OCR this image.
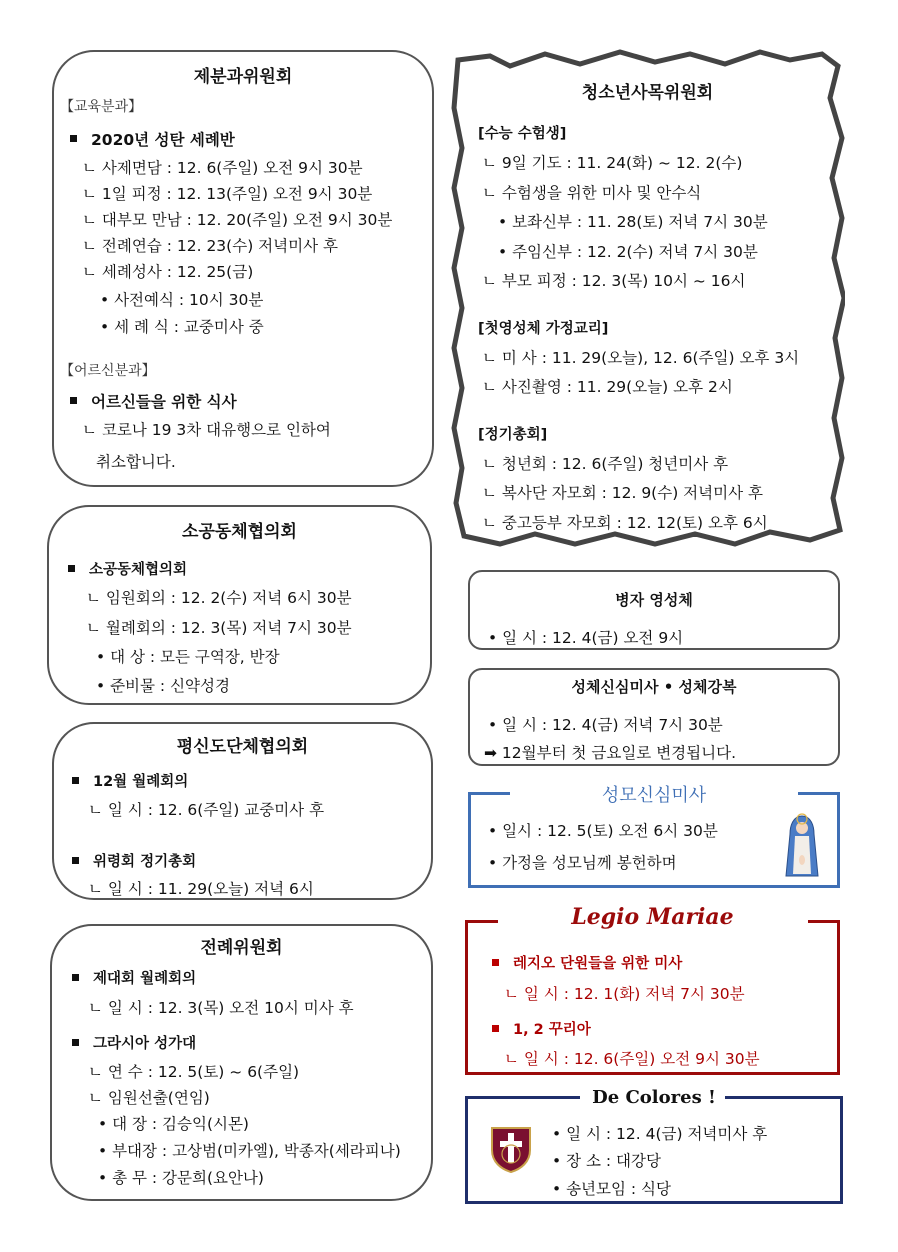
제분과위원회
【교육분과】
2020년 성탄 세례반
ㄴ 사제면담 : 12. 6(주일) 오전 9시 30분
ㄴ 1일 피정 : 12. 13(주일) 오전 9시 30분
ㄴ 대부모 만남 : 12. 20(주일) 오전 9시 30분
ㄴ 전례연습 : 12. 23(수) 저녁미사 후
ㄴ 세례성사 : 12. 25(금)
• 사전예식 : 10시 30분
• 세 례 식 : 교중미사 중
【어르신분과】
어르신들을 위한 식사
ㄴ 코로나 19 3차 대유행으로 인하여
취소합니다.
소공동체협의회
소공동체협의회
ㄴ 임원회의 : 12. 2(수) 저녁 6시 30분
ㄴ 월례회의 : 12. 3(목) 저녁 7시 30분
• 대 상 : 모든 구역장, 반장
• 준비물 : 신약성경
평신도단체협의회
12월 월례회의
ㄴ 일 시 : 12. 6(주일) 교중미사 후
위령회 정기총회
ㄴ 일 시 : 11. 29(오늘) 저녁 6시
전례위원회
제대회 월례회의
ㄴ 일 시 : 12. 3(목) 오전 10시 미사 후
그라시아 성가대
ㄴ 연 수 : 12. 5(토) ~ 6(주일)
ㄴ 임원선출(연임)
• 대 장 : 김승익(시몬)
• 부대장 : 고상범(미카엘), 박종자(세라피나)
• 총 무 : 강문희(요안나)
청소년사목위원회
[수능 수험생]
ㄴ 9일 기도 : 11. 24(화) ~ 12. 2(수)
ㄴ 수험생을 위한 미사 및 안수식
• 보좌신부 : 11. 28(토) 저녁 7시 30분
• 주임신부 : 12. 2(수) 저녁 7시 30분
ㄴ 부모 피정 : 12. 3(목) 10시 ~ 16시
[첫영성체 가정교리]
ㄴ 미 사 : 11. 29(오늘), 12. 6(주일) 오후 3시
ㄴ 사진촬영 : 11. 29(오늘) 오후 2시
[정기총회]
ㄴ 청년회 : 12. 6(주일) 청년미사 후
ㄴ 복사단 자모회 : 12. 9(수) 저녁미사 후
ㄴ 중고등부 자모회 : 12. 12(토) 오후 6시
병자 영성체
• 일 시 : 12. 4(금) 오전 9시
성체신심미사 • 성체강복
• 일 시 : 12. 4(금) 저녁 7시 30분
➡ 12월부터 첫 금요일로 변경됩니다.
성모신심미사
• 일시 : 12. 5(토) 오전 6시 30분
• 가정을 성모님께 봉헌하며
Legio Mariae
레지오 단원들을 위한 미사
ㄴ 일 시 : 12. 1(화) 저녁 7시 30분
1, 2 꾸리아
ㄴ 일 시 : 12. 6(주일) 오전 9시 30분
De Colores !
• 일 시 : 12. 4(금) 저녁미사 후
• 장 소 : 대강당
• 송년모임 : 식당
